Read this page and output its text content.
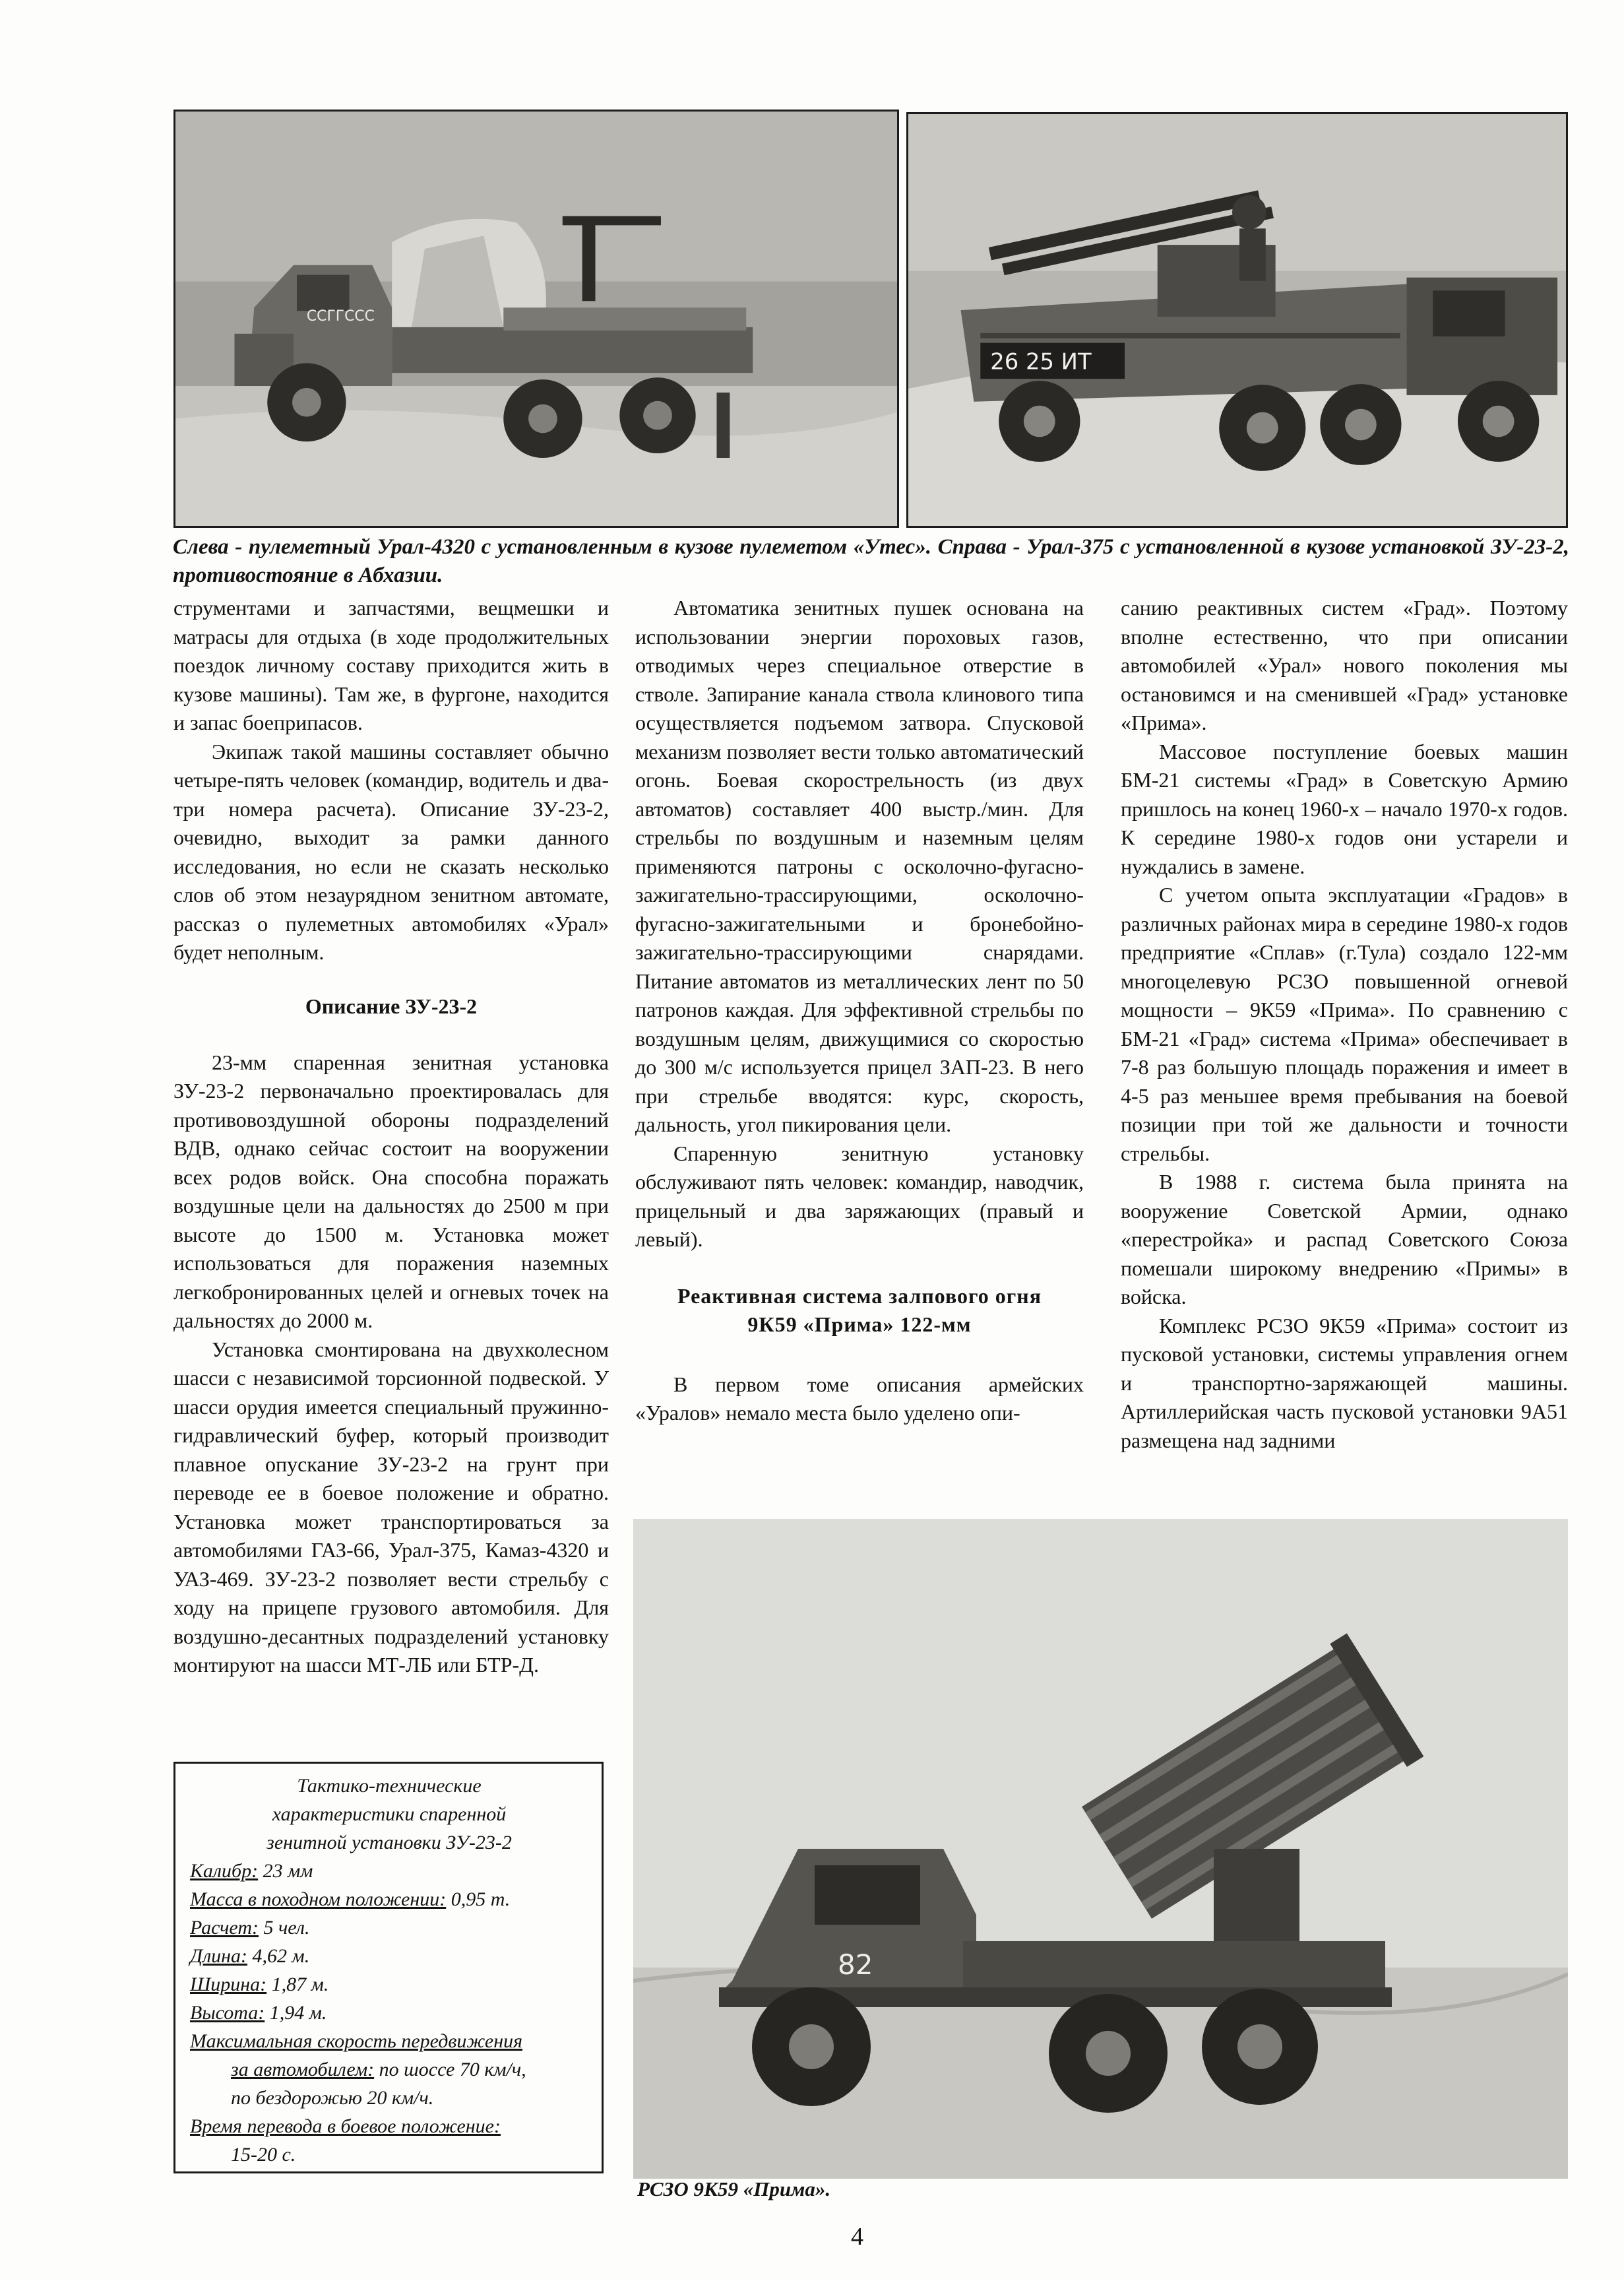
ССГГССС
26 25 ИТ
Слева - пулеметный Урал-4320 с установленным в кузове пулеметом «Утес». Справа - Урал-375 с установленной в кузове установкой ЗУ-23-2, противостояние в Абхазии.

струментами и запчастями, вещмешки и матрасы для отдыха (в ходе продолжительных поездок личному составу приходится жить в кузове машины). Там же, в фургоне, находится и запас боеприпасов.

Экипаж такой машины составляет обычно четыре-пять человек (командир, водитель и два-три номера расчета). Описание ЗУ-23-2, очевидно, выходит за рамки данного исследования, но если не сказать несколько слов об этом незаурядном зенитном автомате, рассказ о пулеметных автомобилях «Урал» будет неполным.

Описание ЗУ-23-2

23-мм спаренная зенитная установка ЗУ-23-2 первоначально проектировалась для противовоздушной обороны подразделений ВДВ, однако сейчас состоит на вооружении всех родов войск. Она способна поражать воздушные цели на дальностях до 2500 м при высоте до 1500 м. Установка может использоваться для поражения наземных легкобронированных целей и огневых точек на дальностях до 2000 м.

Установка смонтирована на двухколесном шасси с независимой торсионной подвеской. У шасси орудия имеется специальный пружинно-гидравлический буфер, который производит плавное опускание ЗУ-23-2 на грунт при переводе ее в боевое положение и обратно. Установка может транспортироваться за автомобилями ГАЗ-66, Урал-375, Камаз-4320 и УАЗ-469. ЗУ-23-2 позволяет вести стрельбу с ходу на прицепе грузового автомобиля. Для воздушно-десантных подразделений установку монтируют на шасси МТ-ЛБ или БТР-Д.

Автоматика зенитных пушек основана на использовании энергии пороховых газов, отводимых через специальное отверстие в стволе. Запирание канала ствола клинового типа осуществляется подъемом затвора. Спусковой механизм позволяет вести только автоматический огонь. Боевая скорострельность (из двух автоматов) составляет 400 выстр./мин. Для стрельбы по воздушным и наземным целям применяются патроны с осколочно-фугасно-зажигательно-трассирующими, осколочно-фугасно-зажигательными и бронебойно-зажигательно-трассирующими снарядами. Питание автоматов из металлических лент по 50 патронов каждая. Для эффективной стрельбы по воздушным целям, движущимися со скоростью до 300 м/с используется прицел ЗАП-23. В него при стрельбе вводятся: курс, скорость, дальность, угол пикирования цели.

Спаренную зенитную установку обслуживают пять человек: командир, наводчик, прицельный и два заряжающих (правый и левый).

Реактивная система залпового огня
9К59 «Прима» 122-мм

В первом томе описания армейских «Уралов» немало места было уделено опи-

санию реактивных систем «Град». Поэтому вполне естественно, что при описании автомобилей «Урал» нового поколения мы остановимся и на сменившей «Град» установке «Прима».

Массовое поступление боевых машин БМ-21 системы «Град» в Советскую Армию пришлось на конец 1960-х – начало 1970-х годов. К середине 1980-х годов они устарели и нуждались в замене.

С учетом опыта эксплуатации «Градов» в различных районах мира в середине 1980-х годов предприятие «Сплав» (г.Тула) создало 122-мм многоцелевую РСЗО повышенной огневой мощности – 9К59 «Прима». По сравнению с БМ-21 «Град» система «Прима» обеспечивает в 7-8 раз большую площадь поражения и имеет в 4-5 раз меньшее время пребывания на боевой позиции при той же дальности и точности стрельбы.

В 1988 г. система была принята на вооружение Советской Армии, однако «перестройка» и распад Советского Союза помешали широкому внедрению «Примы» в войска.

Комплекс РСЗО 9К59 «Прима» состоит из пусковой установки, системы управления огнем и транспортно-заряжающей машины. Артиллерийская часть пусковой установки 9А51 размещена над задними

82
РСЗО 9К59 «Прима».
Тактико-технические
характеристики спаренной
зенитной установки ЗУ-23-2
Калибр: 23 мм
Масса в походном положении: 0,95 т.
Расчет: 5 чел.
Длина: 4,62 м.
Ширина: 1,87 м.
Высота: 1,94 м.
Максимальная скорость передвижения
за автомобилем: по шоссе 70 км/ч,
по бездорожью 20 км/ч.
Время перевода в боевое положение:
15-20 с.
4
